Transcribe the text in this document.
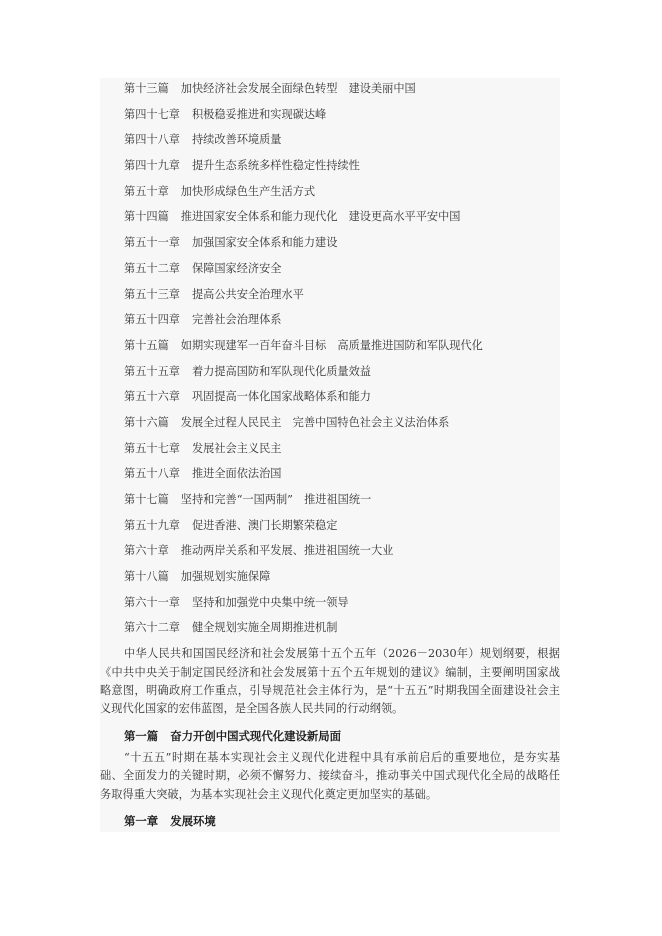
第十三篇 加快经济社会发展全面绿色转型　建设美丽中国
第四十七章 积极稳妥推进和实现碳达峰
第四十八章 持续改善环境质量
第四十九章 提升生态系统多样性稳定性持续性
第五十章 加快形成绿色生产生活方式
第十四篇 推进国家安全体系和能力现代化　建设更高水平平安中国
第五十一章 加强国家安全体系和能力建设
第五十二章 保障国家经济安全
第五十三章 提高公共安全治理水平
第五十四章 完善社会治理体系
第十五篇 如期实现建军一百年奋斗目标　高质量推进国防和军队现代化
第五十五章 着力提高国防和军队现代化质量效益
第五十六章 巩固提高一体化国家战略体系和能力
第十六篇 发展全过程人民民主　完善中国特色社会主义法治体系
第五十七章 发展社会主义民主
第五十八章 推进全面依法治国
第十七篇 坚持和完善“一国两制”　推进祖国统一
第五十九章 促进香港、澳门长期繁荣稳定
第六十章 推动两岸关系和平发展、推进祖国统一大业
第十八篇 加强规划实施保障
第六十一章 坚持和加强党中央集中统一领导
第六十二章 健全规划实施全周期推进机制

中华人民共和国国民经济和社会发展第十五个五年（2026－2030年）规划纲要，根据《中共中央关于制定国民经济和社会发展第十五个五年规划的建议》编制，主要阐明国家战略意图，明确政府工作重点，引导规范社会主体行为，是“十五五”时期我国全面建设社会主义现代化国家的宏伟蓝图，是全国各族人民共同的行动纲领。

第一篇 奋力开创中国式现代化建设新局面

“十五五”时期在基本实现社会主义现代化进程中具有承前启后的重要地位，是夯实基础、全面发力的关键时期，必须不懈努力、接续奋斗，推动事关中国式现代化全局的战略任务取得重大突破，为基本实现社会主义现代化奠定更加坚实的基础。

第一章 发展环境
